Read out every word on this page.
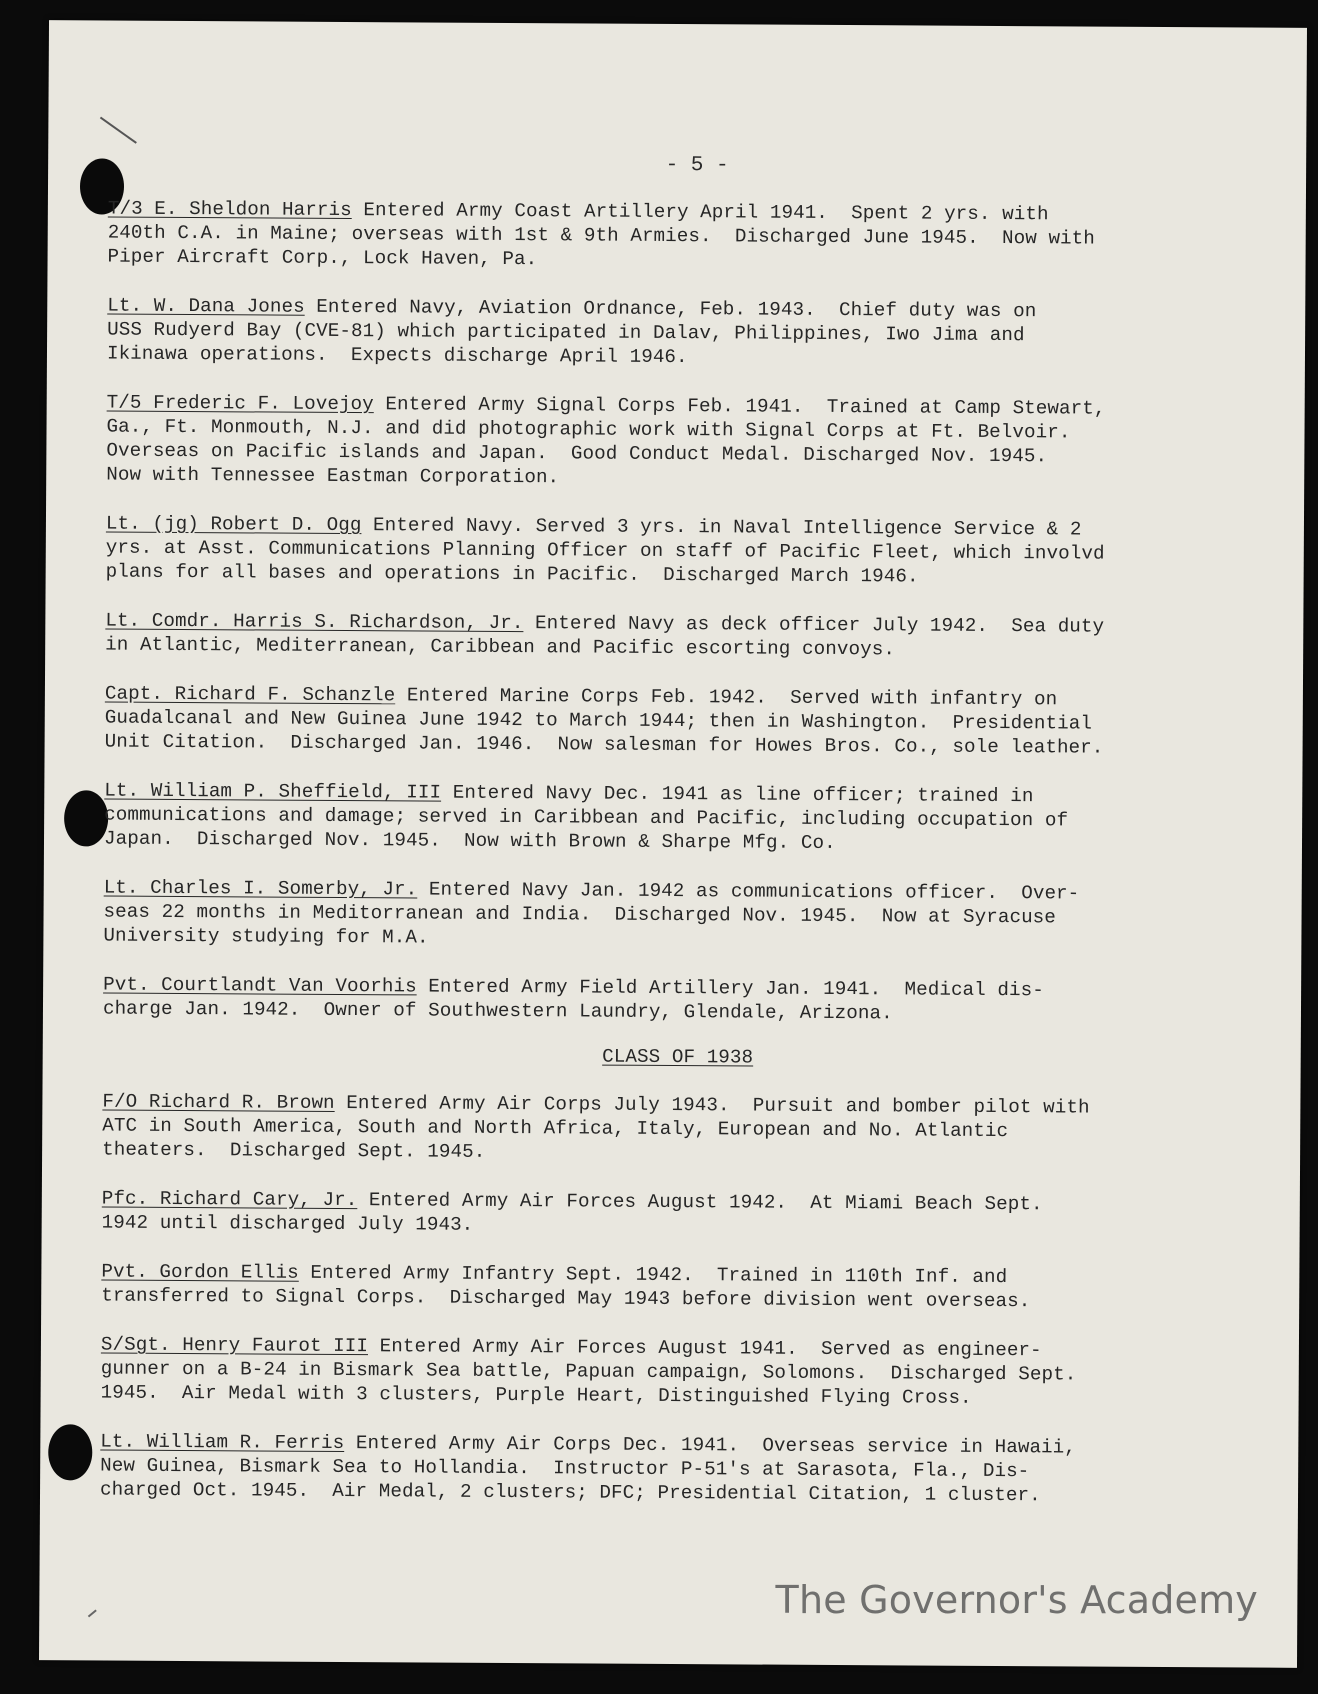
- 5 -
T/3 E. Sheldon Harris Entered Army Coast Artillery April 1941.  Spent 2 yrs. with
240th C.A. in Maine; overseas with 1st & 9th Armies.  Discharged June 1945.  Now with
Piper Aircraft Corp., Lock Haven, Pa.
Lt. W. Dana Jones Entered Navy, Aviation Ordnance, Feb. 1943.  Chief duty was on
USS Rudyerd Bay (CVE-81) which participated in Dalav, Philippines, Iwo Jima and
Ikinawa operations.  Expects discharge April 1946.
T/5 Frederic F. Lovejoy Entered Army Signal Corps Feb. 1941.  Trained at Camp Stewart,
Ga., Ft. Monmouth, N.J. and did photographic work with Signal Corps at Ft. Belvoir.
Overseas on Pacific islands and Japan.  Good Conduct Medal. Discharged Nov. 1945.
Now with Tennessee Eastman Corporation.
Lt. (jg) Robert D. Ogg Entered Navy. Served 3 yrs. in Naval Intelligence Service & 2
yrs. at Asst. Communications Planning Officer on staff of Pacific Fleet, which involvd
plans for all bases and operations in Pacific.  Discharged March 1946.
Lt. Comdr. Harris S. Richardson, Jr. Entered Navy as deck officer July 1942.  Sea duty
in Atlantic, Mediterranean, Caribbean and Pacific escorting convoys.
Capt. Richard F. Schanzle Entered Marine Corps Feb. 1942.  Served with infantry on
Guadalcanal and New Guinea June 1942 to March 1944; then in Washington.  Presidential
Unit Citation.  Discharged Jan. 1946.  Now salesman for Howes Bros. Co., sole leather.
Lt. William P. Sheffield, III Entered Navy Dec. 1941 as line officer; trained in
communications and damage; served in Caribbean and Pacific, including occupation of
Japan.  Discharged Nov. 1945.  Now with Brown & Sharpe Mfg. Co.
Lt. Charles I. Somerby, Jr. Entered Navy Jan. 1942 as communications officer.  Over-
seas 22 months in Meditorranean and India.  Discharged Nov. 1945.  Now at Syracuse
University studying for M.A.
Pvt. Courtlandt Van Voorhis Entered Army Field Artillery Jan. 1941.  Medical dis-
charge Jan. 1942.  Owner of Southwestern Laundry, Glendale, Arizona.
CLASS OF 1938
F/O Richard R. Brown Entered Army Air Corps July 1943.  Pursuit and bomber pilot with
ATC in South America, South and North Africa, Italy, European and No. Atlantic
theaters.  Discharged Sept. 1945.
Pfc. Richard Cary, Jr. Entered Army Air Forces August 1942.  At Miami Beach Sept.
1942 until discharged July 1943.
Pvt. Gordon Ellis Entered Army Infantry Sept. 1942.  Trained in 110th Inf. and
transferred to Signal Corps.  Discharged May 1943 before division went overseas.
S/Sgt. Henry Faurot III Entered Army Air Forces August 1941.  Served as engineer-
gunner on a B-24 in Bismark Sea battle, Papuan campaign, Solomons.  Discharged Sept.
1945.  Air Medal with 3 clusters, Purple Heart, Distinguished Flying Cross.
Lt. William R. Ferris Entered Army Air Corps Dec. 1941.  Overseas service in Hawaii,
New Guinea, Bismark Sea to Hollandia.  Instructor P-51's at Sarasota, Fla., Dis-
charged Oct. 1945.  Air Medal, 2 clusters; DFC; Presidential Citation, 1 cluster.
The Governor's Academy
